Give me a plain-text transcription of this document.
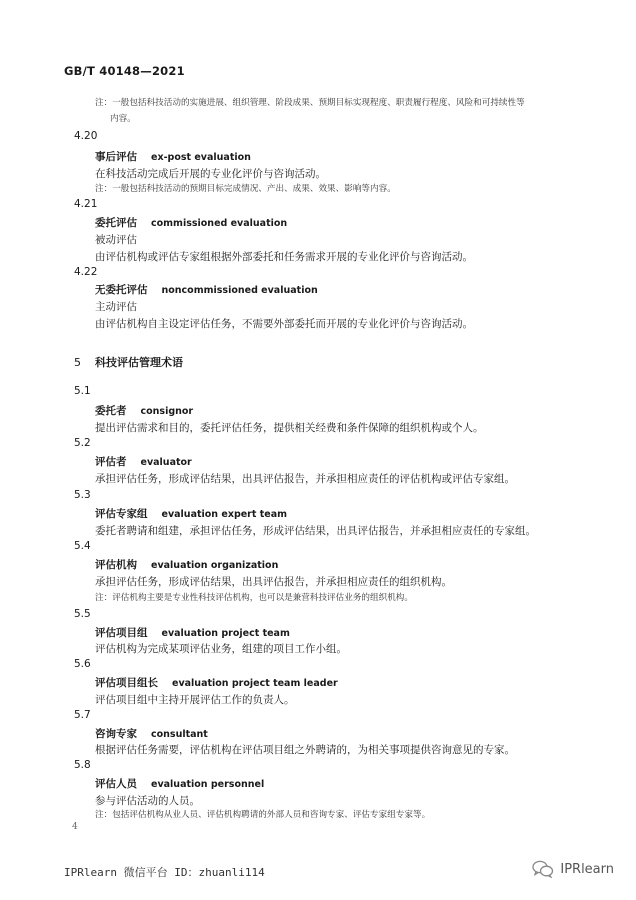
GB/T 40148—2021
注：一般包括科技活动的实施进展、组织管理、阶段成果、预期目标实现程度、职责履行程度、风险和可持续性等
内容。
4.20
事后评估 ex-post evaluation
在科技活动完成后开展的专业化评价与咨询活动。
注：一般包括科技活动的预期目标完成情况、产出、成果、效果、影响等内容。
4.21
委托评估 commissioned evaluation
被动评估
由评估机构或评估专家组根据外部委托和任务需求开展的专业化评价与咨询活动。
4.22
无委托评估 noncommissioned evaluation
主动评估
由评估机构自主设定评估任务，不需要外部委托而开展的专业化评价与咨询活动。
5 科技评估管理术语
5.1
委托者 consignor
提出评估需求和目的，委托评估任务，提供相关经费和条件保障的组织机构或个人。
5.2
评估者 evaluator
承担评估任务，形成评估结果，出具评估报告，并承担相应责任的评估机构或评估专家组。
5.3
评估专家组 evaluation expert team
委托者聘请和组建，承担评估任务，形成评估结果，出具评估报告，并承担相应责任的专家组。
5.4
评估机构 evaluation organization
承担评估任务，形成评估结果，出具评估报告，并承担相应责任的组织机构。
注：评估机构主要是专业性科技评估机构，也可以是兼营科技评估业务的组织机构。
5.5
评估项目组 evaluation project team
评估机构为完成某项评估业务，组建的项目工作小组。
5.6
评估项目组长 evaluation project team leader
评估项目组中主持开展评估工作的负责人。
5.7
咨询专家 consultant
根据评估任务需要，评估机构在评估项目组之外聘请的，为相关事项提供咨询意见的专家。
5.8
评估人员 evaluation personnel
参与评估活动的人员。
注：包括评估机构从业人员、评估机构聘请的外部人员和咨询专家、评估专家组专家等。
4
IPRlearn 微信平台 ID：zhuanli114	IPRlearn
